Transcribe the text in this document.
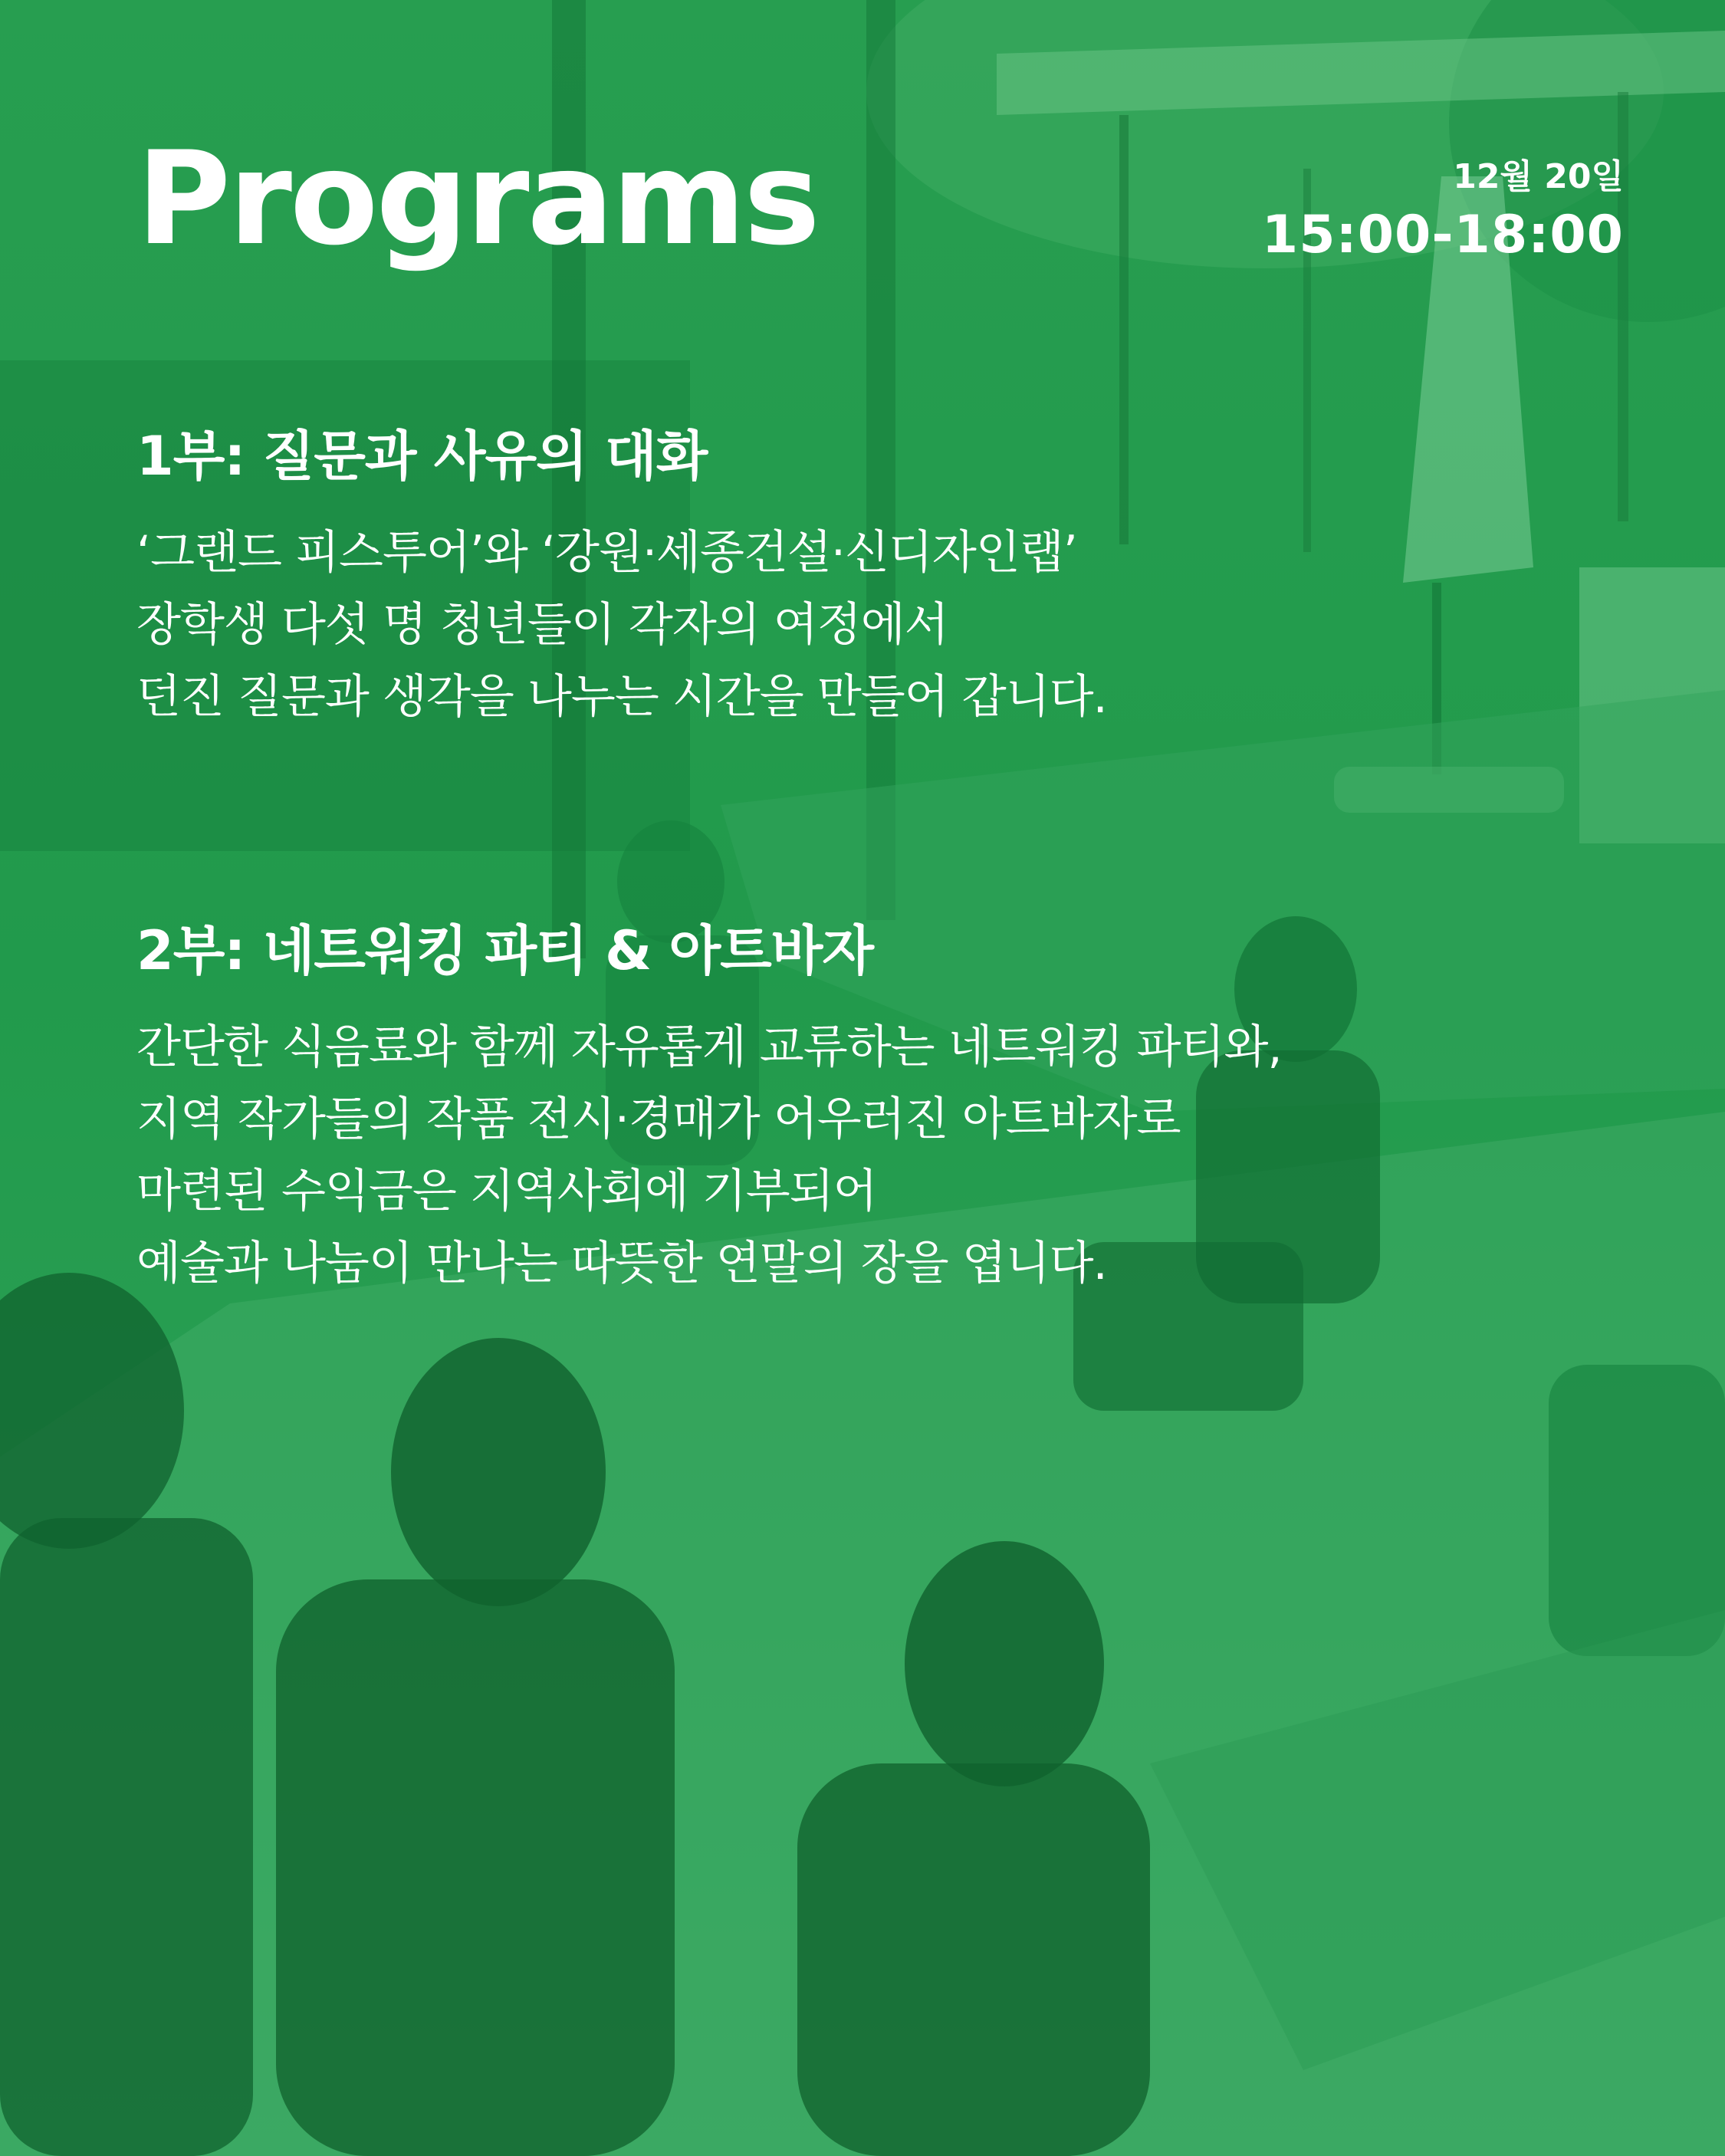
Programs	12월 20일
15:00-18:00
1부: 질문과 사유의 대화
‘그랜드 피스투어’와 ‘강원·세종건설·신디자인랩’
장학생 다섯 명 청년들이 각자의 여정에서
던진 질문과 생각을 나누는 시간을 만들어 갑니다.
2부: 네트워킹 파티 & 아트바자
간단한 식음료와 함께 자유롭게 교류하는 네트워킹 파티와,
지역 작가들의 작품 전시·경매가 어우러진 아트바자로
마련된 수익금은 지역사회에 기부되어
예술과 나눔이 만나는 따뜻한 연말의 장을 엽니다.
